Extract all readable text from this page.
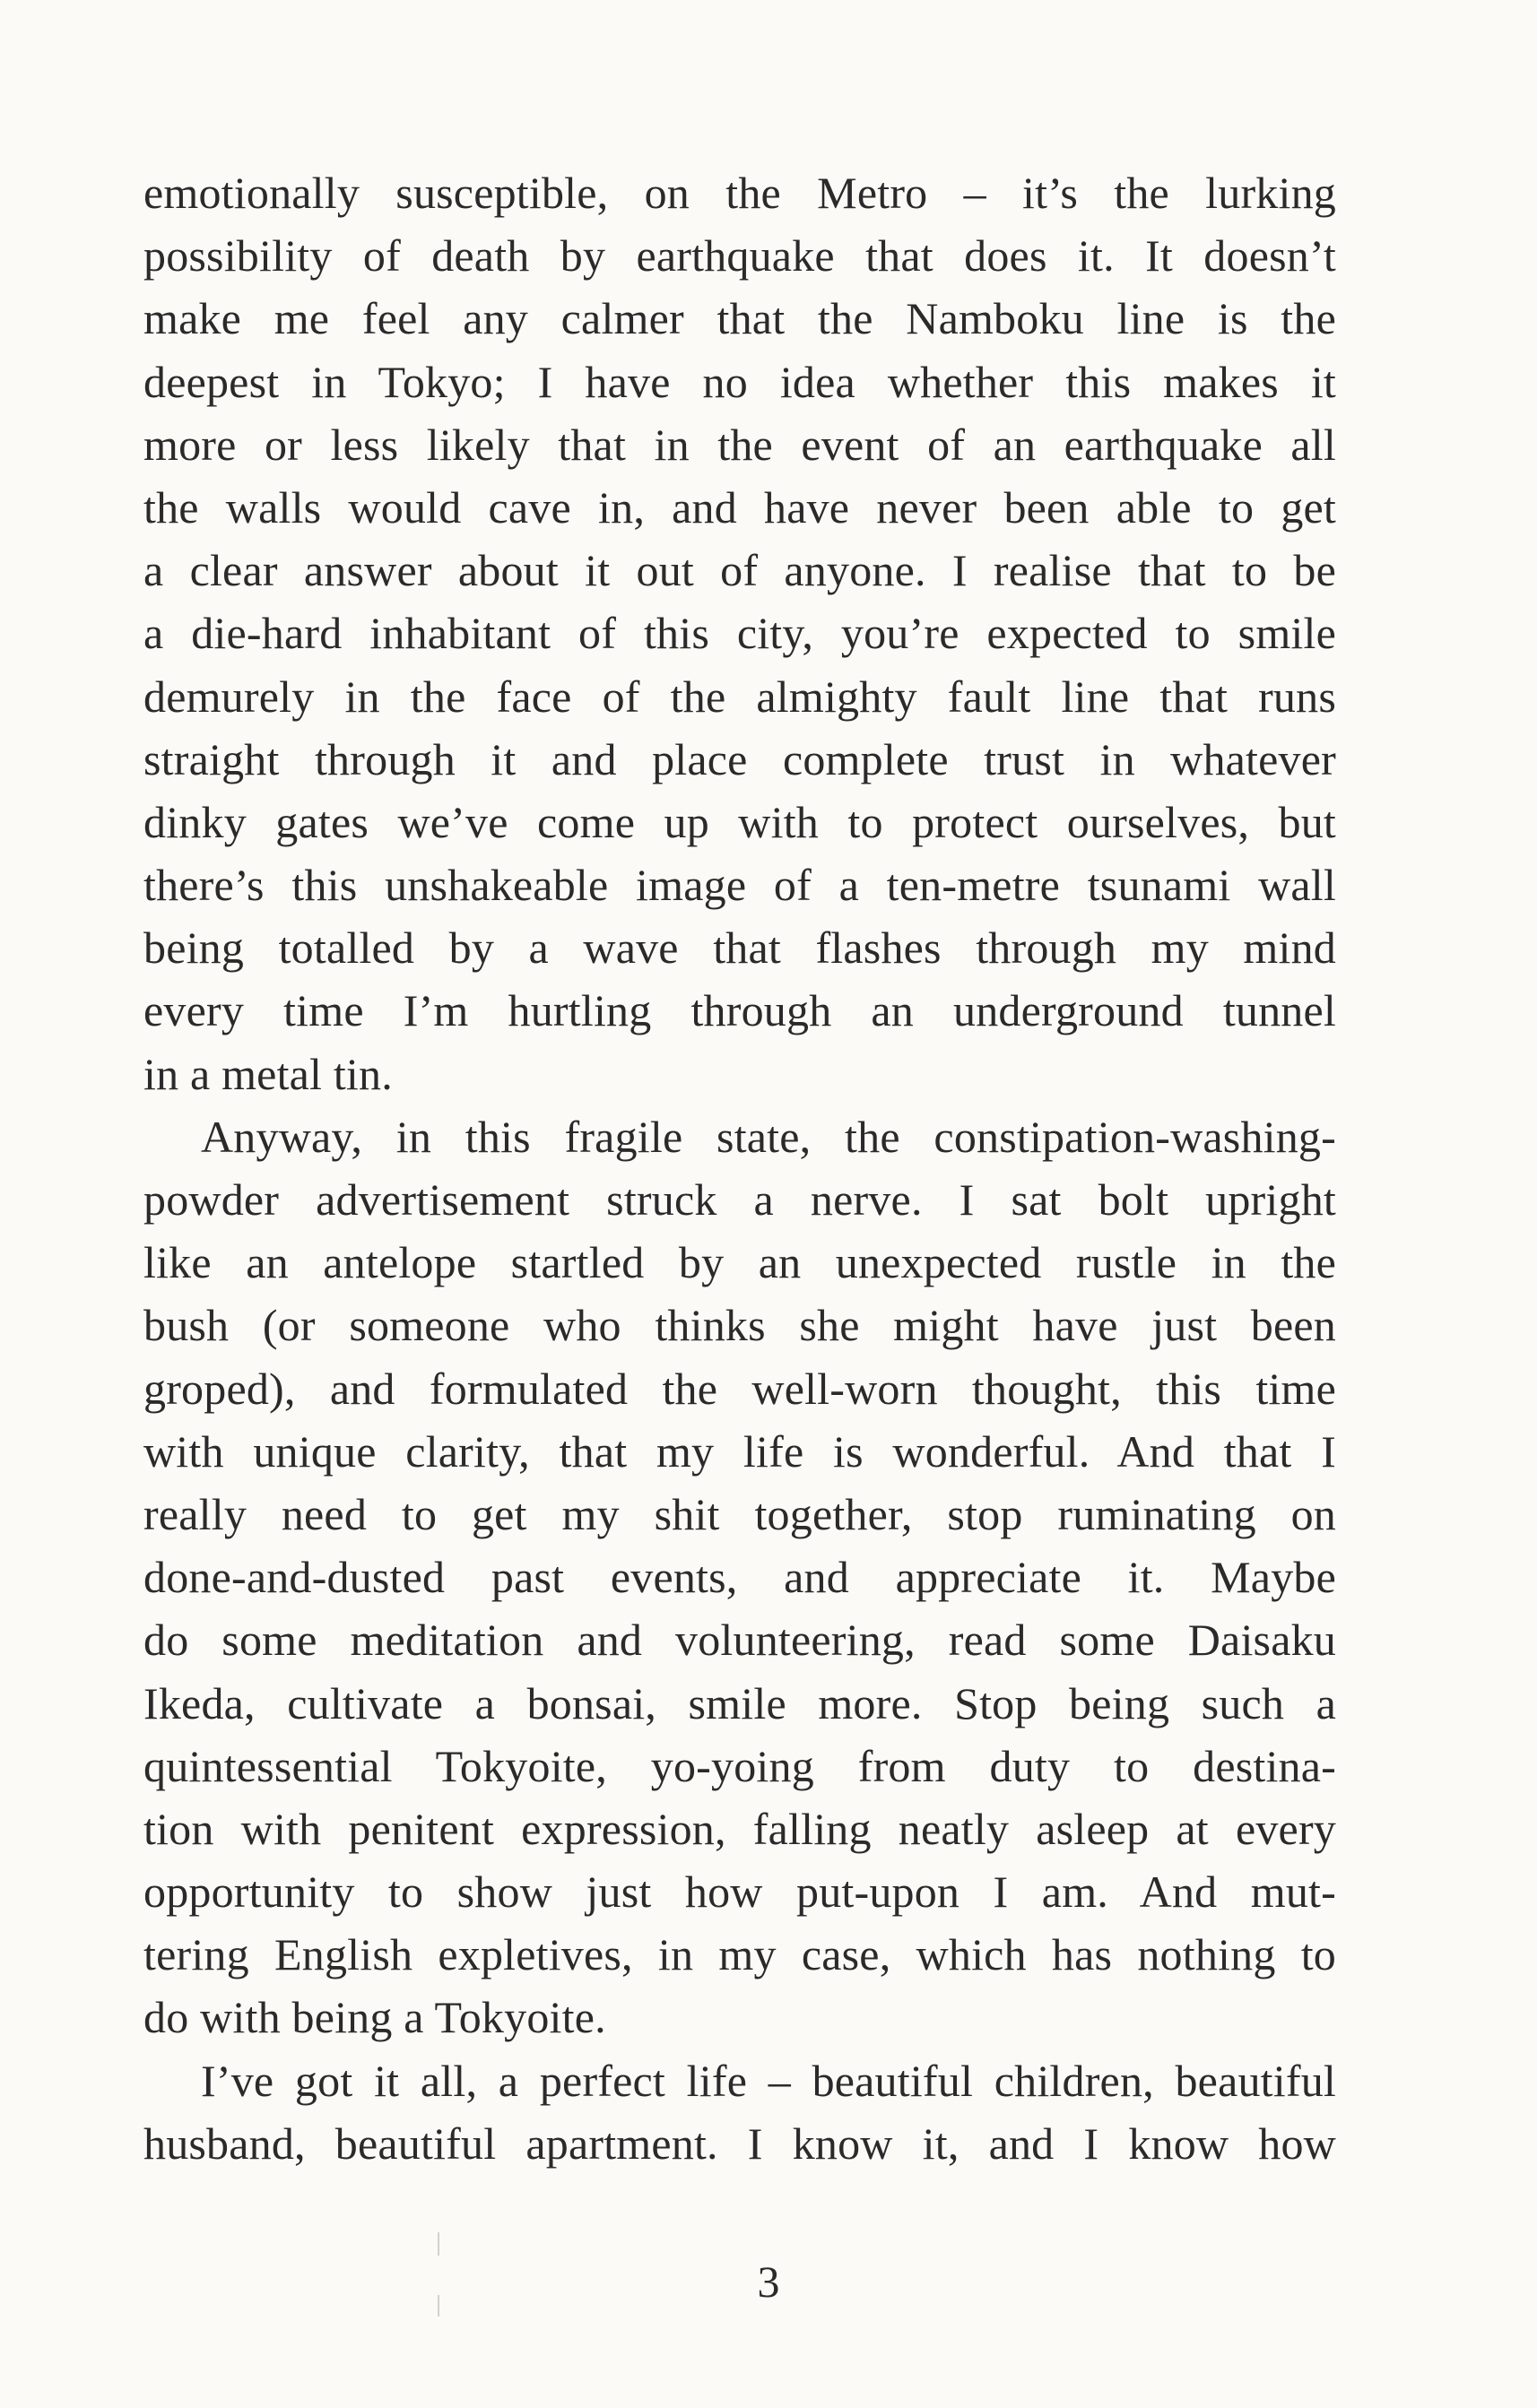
emotionally susceptible, on the Metro – it’s the lurking
possibility of death by earthquake that does it. It doesn’t
make me feel any calmer that the Namboku line is the
deepest in Tokyo; I have no idea whether this makes it
more or less likely that in the event of an earthquake all
the walls would cave in, and have never been able to get
a clear answer about it out of anyone. I realise that to be
a die-hard inhabitant of this city, you’re expected to smile
demurely in the face of the almighty fault line that runs
straight through it and place complete trust in whatever
dinky gates we’ve come up with to protect ourselves, but
there’s this unshakeable image of a ten-metre tsunami wall
being totalled by a wave that flashes through my mind
every time I’m hurtling through an underground tunnel
in a metal tin.
Anyway, in this fragile state, the constipation-washing-
powder advertisement struck a nerve. I sat bolt upright
like an antelope startled by an unexpected rustle in the
bush (or someone who thinks she might have just been
groped), and formulated the well-worn thought, this time
with unique clarity, that my life is wonderful. And that I
really need to get my shit together, stop ruminating on
done-and-dusted past events, and appreciate it. Maybe
do some meditation and volunteering, read some Daisaku
Ikeda, cultivate a bonsai, smile more. Stop being such a
quintessential Tokyoite, yo-yoing from duty to destina-
tion with penitent expression, falling neatly asleep at every
opportunity to show just how put-upon I am. And mut-
tering English expletives, in my case, which has nothing to
do with being a Tokyoite.
I’ve got it all, a perfect life – beautiful children, beautiful
husband, beautiful apartment. I know it, and I know how
3
